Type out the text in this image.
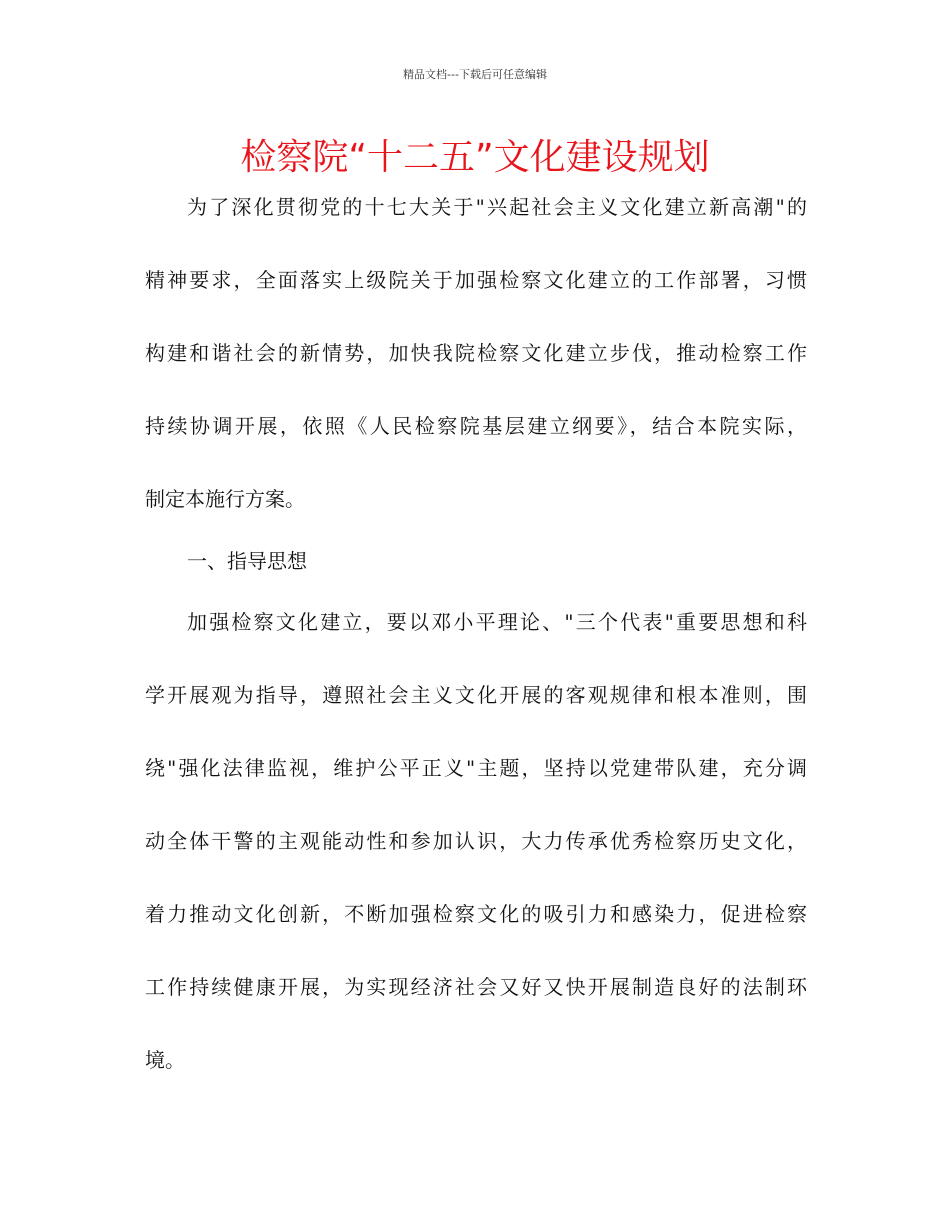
精品文档---下载后可任意编辑
检察院“十二五”文化建设规划
为了深化贯彻党的十七大关于"兴起社会主义文化建立新高潮"的
精神要求，全面落实上级院关于加强检察文化建立的工作部署，习惯
构建和谐社会的新情势，加快我院检察文化建立步伐，推动检察工作
持续协调开展，依照《人民检察院基层建立纲要》，结合本院实际，
制定本施行方案。
一、指导思想
加强检察文化建立，要以邓小平理论、"三个代表"重要思想和科
学开展观为指导，遵照社会主义文化开展的客观规律和根本准则，围
绕"强化法律监视，维护公平正义"主题，坚持以党建带队建，充分调
动全体干警的主观能动性和参加认识，大力传承优秀检察历史文化，
着力推动文化创新，不断加强检察文化的吸引力和感染力，促进检察
工作持续健康开展，为实现经济社会又好又快开展制造良好的法制环
境。
